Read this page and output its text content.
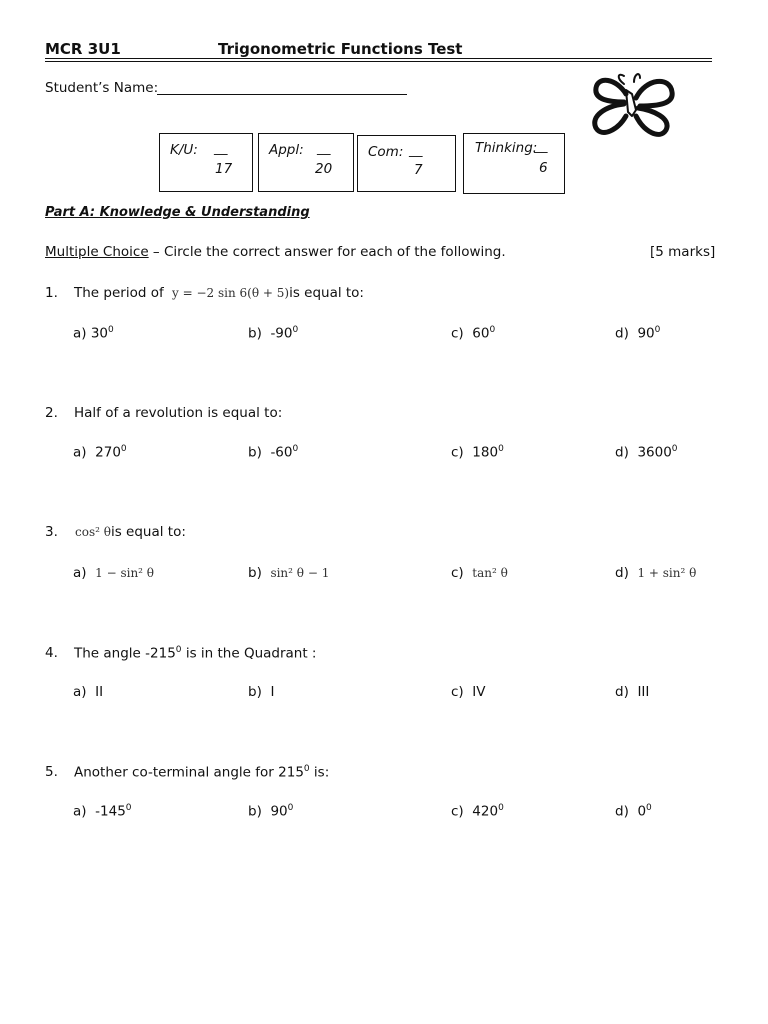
MCR 3U1	Trigonometric Functions Test
Student’s Name:
K/U: __
17
Appl: __
20
Com: __
7
Thinking:
__
6
Part A: Knowledge & Understanding
Multiple Choice – Circle the correct answer for each of the following.	[5 marks]
1. The period of y = −2 sin 6(θ + 5)is equal to:
a) $30^0$	b) $-90^0$	c) $60^0$	d) $90^0$
2. Half of a revolution is equal to:
a) $270^0$	b) $-60^0$	c) $180^0$	d) 3600$^0$
3. cos² θis equal to:
a) 1 − sin² θ	b) sin² θ − 1	c) tan² θ	d) 1 + sin² θ
4. The angle $-215^0$ is in the Quadrant :
a) II	b) I	c) IV	d) III
5. Another co-terminal angle for $215^0$ is:
a) $-145^0$	b) $90^0$	c) $420^0$	d) $0^0$
